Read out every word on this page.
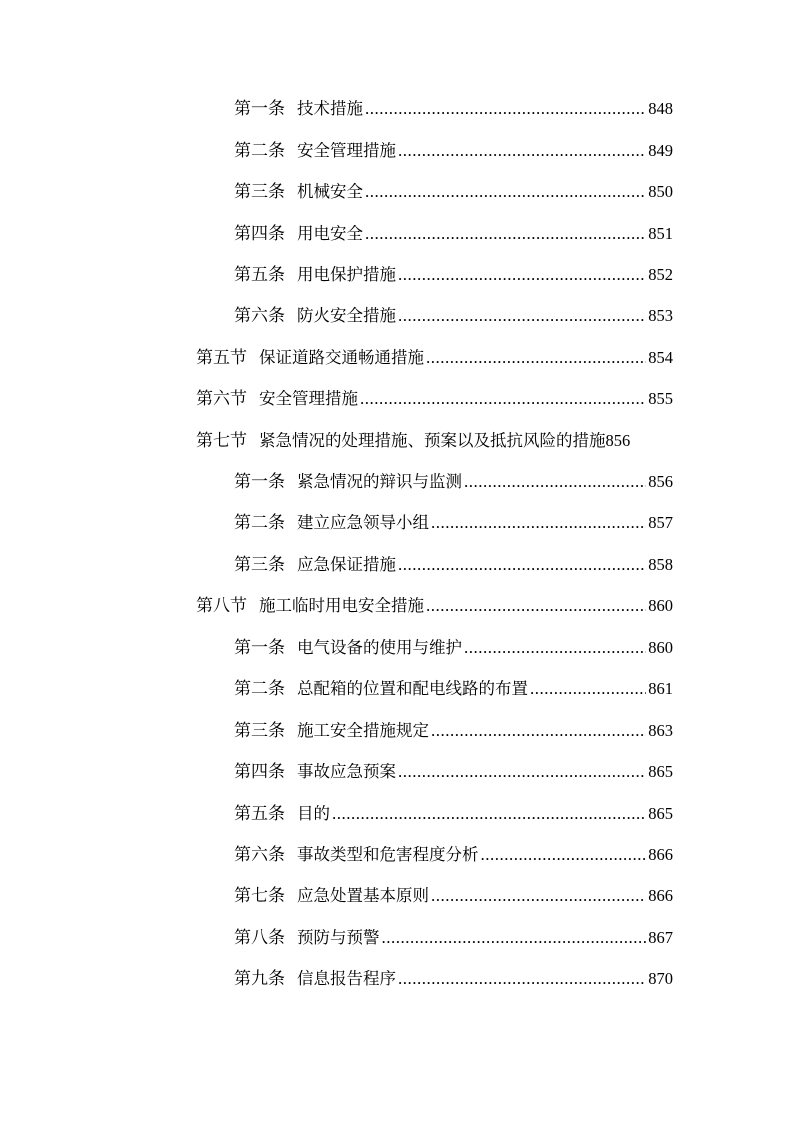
第一条 技术措施 .....	848
第二条 安全管理措施 .....	849
第三条 机械安全 .....	850
第四条 用电安全 .....	851
第五条 用电保护措施 .....	852
第六条 防火安全措施 .....	853
第五节 保证道路交通畅通措施 .....	854
第六节 安全管理措施 .....	855
第七节 紧急情况的处理措施、预案以及抵抗风险的措施 856
第一条 紧急情况的辩识与监测 .....	856
第二条 建立应急领导小组 .....	857
第三条 应急保证措施 .....	858
第八节 施工临时用电安全措施 .....	860
第一条 电气设备的使用与维护 .....	860
第二条 总配箱的位置和配电线路的布置 .....	861
第三条 施工安全措施规定 .....	863
第四条 事故应急预案 .....	865
第五条 目的 .....	865
第六条 事故类型和危害程度分析 .....	866
第七条 应急处置基本原则 .....	866
第八条 预防与预警 .....	867
第九条 信息报告程序 .....	870
